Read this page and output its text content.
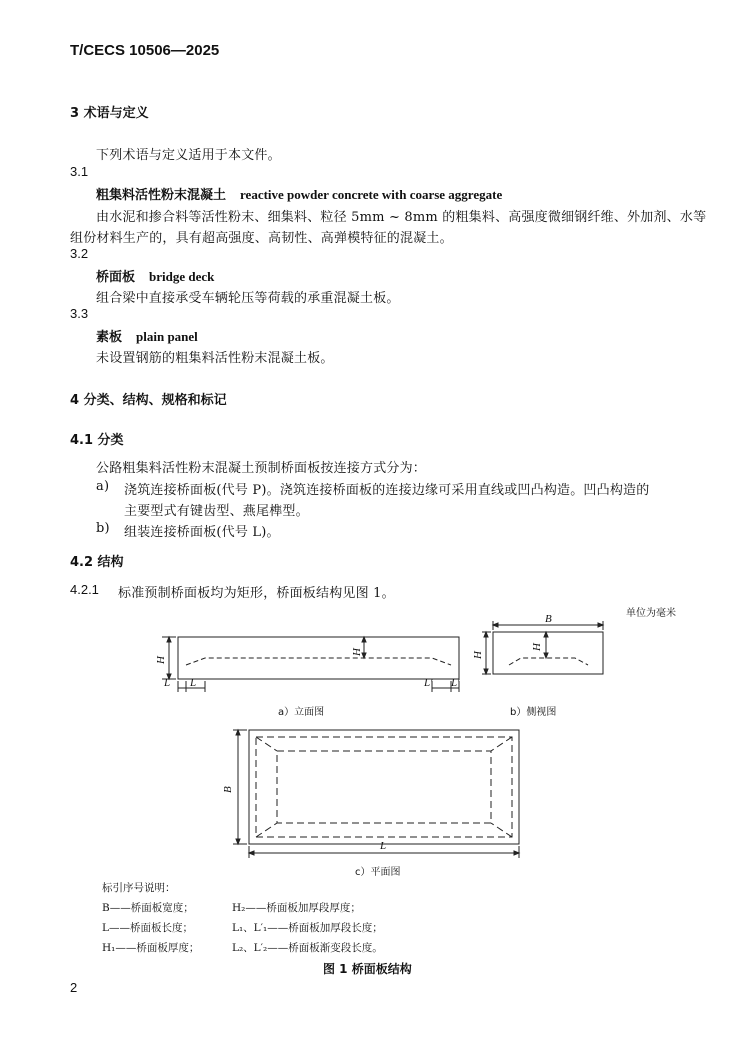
T/CECS 10506—2025
3 术语与定义
下列术语与定义适用于本文件。
3.1
粗集料活性粉末混凝土 reactive powder concrete with coarse aggregate
由水泥和掺合料等活性粉末、细集料、粒径 5mm ~ 8mm 的粗集料、高强度微细钢纤维、外加剂、水等
组份材料生产的，具有超高强度、高韧性、高弹模特征的混凝土。
3.2
桥面板 bridge deck
组合梁中直接承受车辆轮压等荷载的承重混凝土板。
3.3
素板 plain panel
未设置钢筋的粗集料活性粉末混凝土板。
4 分类、结构、规格和标记
4.1 分类
公路粗集料活性粉末混凝土预制桥面板按连接方式分为：
a) 浇筑连接桥面板(代号 P)。浇筑连接桥面板的连接边缘可采用直线或凹凸构造。凹凸构造的
主要型式有键齿型、燕尾榫型。
b) 组装连接桥面板(代号 L)。
4.2 结构
4.2.1 标准预制桥面板均为矩形，桥面板结构见图 1。
单位为毫米
H
H
L L	L′ L′
B
H
H
B
L
a）立面图	b）侧视图
c）平面图
标引序号说明：
B——桥面板宽度；	H₂——桥面板加厚段厚度；
L——桥面板长度；	L₁、L′₁——桥面板加厚段长度；
H₁——桥面板厚度；	L₂、L′₂——桥面板渐变段长度。
图 1 桥面板结构
2
